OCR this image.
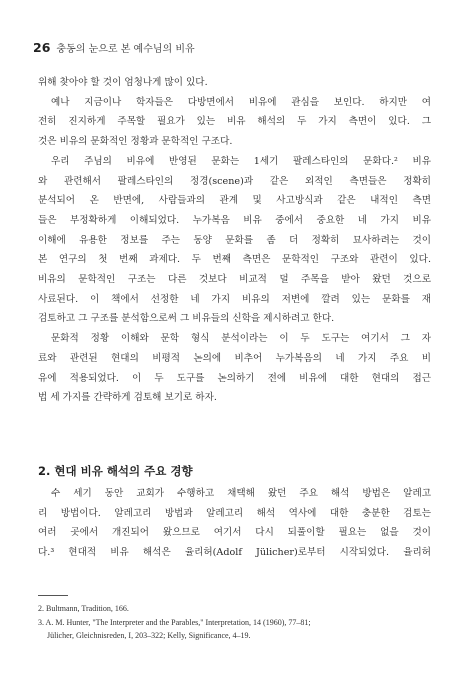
26 충동의 눈으로 본 예수님의 비유
위해 찾아야 할 것이 엄청나게 많이 있다.
예나 지금이나 학자들은 다방면에서 비유에 관심을 보인다. 하지만 여
전히 진지하게 주목할 필요가 있는 비유 해석의 두 가지 측면이 있다. 그
것은 비유의 문화적인 정황과 문학적인 구조다.
우리 주님의 비유에 반영된 문화는 1세기 팔레스타인의 문화다.² 비유
와 관련해서 팔레스타인의 정경(scene)과 같은 외적인 측면들은 정확히
분석되어 온 반면에, 사람들과의 관계 및 사고방식과 같은 내적인 측면
들은 부정확하게 이해되었다. 누가복음 비유 중에서 중요한 네 가지 비유
이해에 유용한 정보를 주는 동양 문화를 좀 더 정확히 묘사하려는 것이
본 연구의 첫 번째 과제다. 두 번째 측면은 문학적인 구조와 관련이 있다.
비유의 문학적인 구조는 다른 것보다 비교적 덜 주목을 받아 왔던 것으로
사료된다. 이 책에서 선정한 네 가지 비유의 저변에 깔려 있는 문화를 재
검토하고 그 구조를 분석함으로써 그 비유들의 신학을 제시하려고 한다.
문화적 정황 이해와 문학 형식 분석이라는 이 두 도구는 여기서 그 자
료와 관련된 현대의 비평적 논의에 비추어 누가복음의 네 가지 주요 비
유에 적용되었다. 이 두 도구를 논의하기 전에 비유에 대한 현대의 접근
법 세 가지를 간략하게 검토해 보기로 하자.
2. 현대 비유 해석의 주요 경향
수 세기 동안 교회가 수행하고 채택해 왔던 주요 해석 방법은 알레고
리 방법이다. 알레고리 방법과 알레고리 해석 역사에 대한 충분한 검토는
여러 곳에서 개진되어 왔으므로 여기서 다시 되풀이할 필요는 없을 것이
다.³ 현대적 비유 해석은 율리허(Adolf Jülicher)로부터 시작되었다. 율리허
2. Bultmann, Tradition, 166.
3. A. M. Hunter, "The Interpreter and the Parables," Interpretation, 14 (1960), 77–81;
Jülicher, Gleichnisreden, I, 203–322; Kelly, Significance, 4–19.
